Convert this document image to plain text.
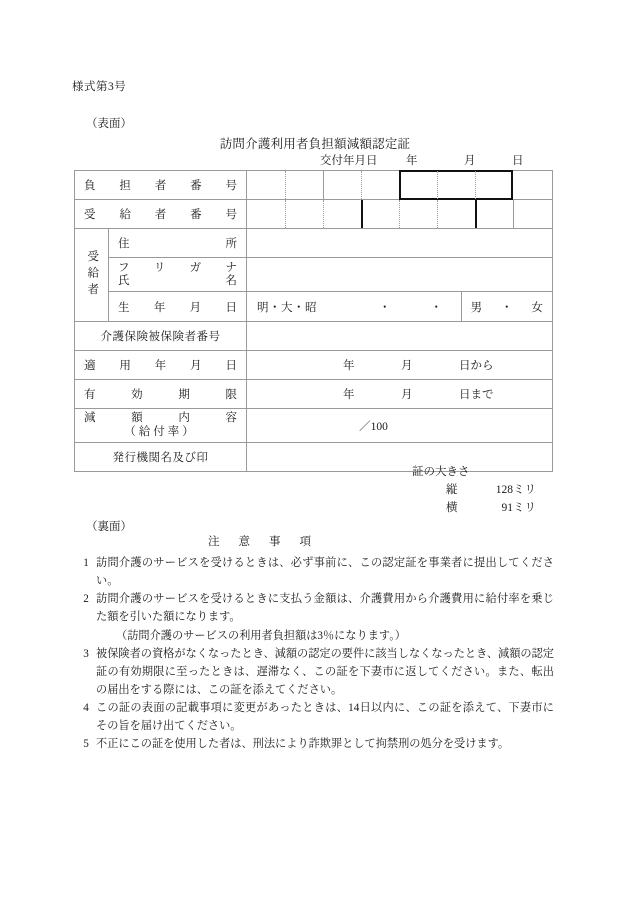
様式第3号
（表面）
訪問介護利用者負担額減額認定証
交付年月日	年	月	日
負 担 者 番 号

受 給 者 番 号

受給者

住	所

フ リ ガ ナ
氏	名

生 年 月 日
	明・大・昭	・	・	男 ・ 女

介護保険被保険者番号	

適 用 年 月 日	年	月	日から

有	効	期	限	年	月	日まで

減	額	内	容
（給付率）	／100
発行機関名及び印	
証の大きさ
縦	128ミリ
横	91ミリ
（裏面）
注意事項
1 訪問介護のサービスを受けるときは、必ず事前に、この認定証を事業者に提出してください。
2 訪問介護のサービスを受けるときに支払う金額は、介護費用から介護費用に給付率を乗じた額を引いた額になります。
（訪問介護のサービスの利用者負担額は3％になります。）
3 被保険者の資格がなくなったとき、減額の認定の要件に該当しなくなったとき、減額の認定証の有効期限に至ったときは、遅滞なく、この証を下妻市に返してください。また、転出の届出をする際には、この証を添えてください。
4 この証の表面の記載事項に変更があったときは、14日以内に、この証を添えて、下妻市にその旨を届け出てください。
5 不正にこの証を使用した者は、刑法により詐欺罪として拘禁刑の処分を受けます。
